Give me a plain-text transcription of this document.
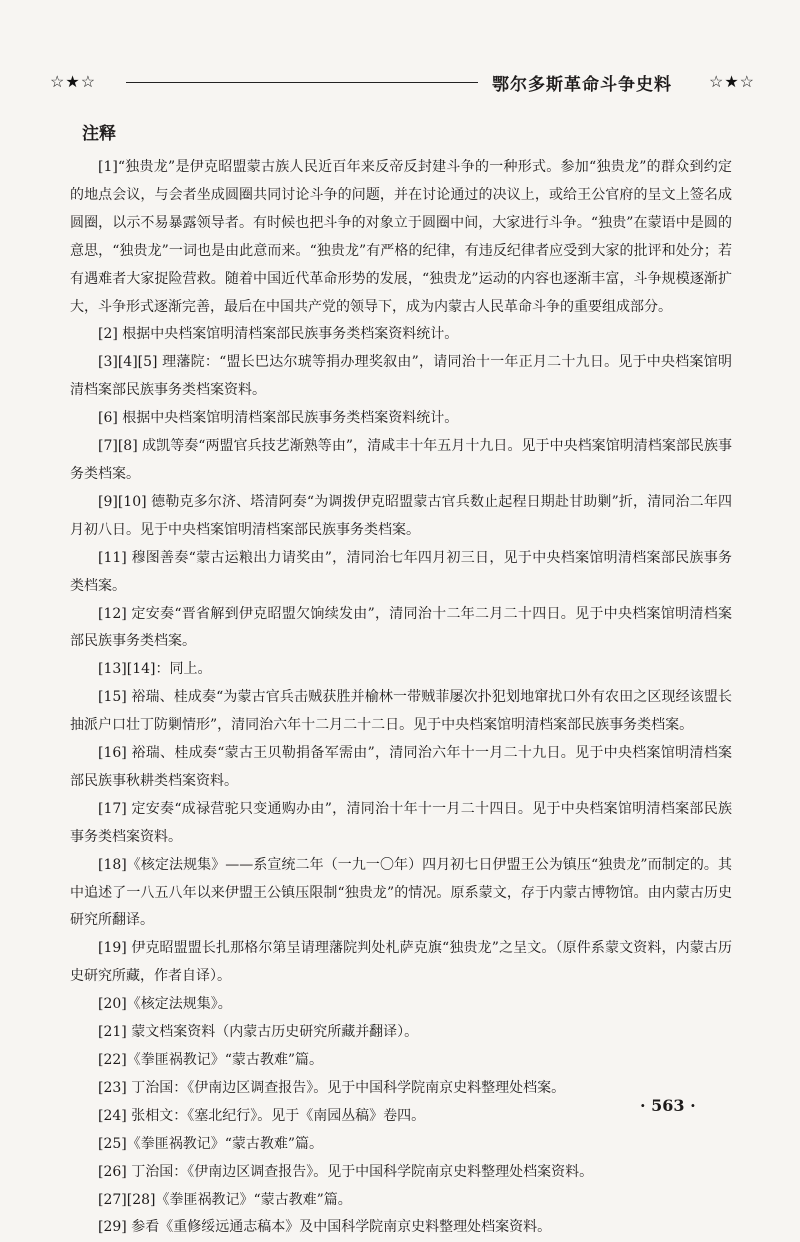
☆★☆	鄂尔多斯革命斗争史料 ☆★☆
注释

[1]“独贵龙”是伊克昭盟蒙古族人民近百年来反帝反封建斗争的一种形式。参加“独贵龙”的群众到约定的地点会议，与会者坐成圆圈共同讨论斗争的问题，并在讨论通过的决议上，或给王公官府的呈文上签名成圆圈，以示不易暴露领导者。有时候也把斗争的对象立于圆圈中间，大家进行斗争。“独贵”在蒙语中是圆的意思，“独贵龙”一词也是由此意而来。“独贵龙”有严格的纪律，有违反纪律者应受到大家的批评和处分；若有遇难者大家捉险营救。随着中国近代革命形势的发展，“独贵龙”运动的内容也逐渐丰富，斗争规模逐渐扩大，斗争形式逐渐完善，最后在中国共产党的领导下，成为内蒙古人民革命斗争的重要组成部分。

[2] 根据中央档案馆明清档案部民族事务类档案资料统计。

[3][4][5] 理藩院：“盟长巴达尔琥等捐办理奖叙由”，请同治十一年正月二十九日。见于中央档案馆明清档案部民族事务类档案资料。

[6] 根据中央档案馆明清档案部民族事务类档案资料统计。

[7][8] 成凯等奏“两盟官兵技艺渐熟等由”，清咸丰十年五月十九日。见于中央档案馆明清档案部民族事务类档案。

[9][10] 德勒克多尔济、塔清阿奏“为调拨伊克昭盟蒙古官兵数止起程日期赴甘助剿”折，清同治二年四月初八日。见于中央档案馆明清档案部民族事务类档案。

[11] 穆图善奏“蒙古运粮出力请奖由”，清同治七年四月初三日，见于中央档案馆明清档案部民族事务类档案。

[12] 定安奏“晋省解到伊克昭盟欠饷续发由”，清同治十二年二月二十四日。见于中央档案馆明清档案部民族事务类档案。

[13][14]：同上。

[15] 裕瑞、桂成奏“为蒙古官兵击贼获胜并榆林一带贼菲屡次扑犯划地窜扰口外有农田之区现经该盟长抽派户口壮丁防剿情形”，清同治六年十二月二十二日。见于中央档案馆明清档案部民族事务类档案。

[16] 裕瑞、桂成奏“蒙古王贝勒捐备军需由”，清同治六年十一月二十九日。见于中央档案馆明清档案部民族事秋耕类档案资料。

[17] 定安奏“成禄营驼只变通购办由”，清同治十年十一月二十四日。见于中央档案馆明清档案部民族事务类档案资料。

[18]《核定法规集》——系宣统二年（一九一〇年）四月初七日伊盟王公为镇压“独贵龙”而制定的。其中追述了一八五八年以来伊盟王公镇压限制“独贵龙”的情况。原系蒙文，存于内蒙古博物馆。由内蒙古历史研究所翻译。

[19] 伊克昭盟盟长扎那格尔第呈请理藩院判处札萨克旗“独贵龙”之呈文。（原件系蒙文资料，内蒙古历史研究所藏，作者自译）。

[20]《核定法规集》。

[21] 蒙文档案资料（内蒙古历史研究所藏并翻译）。

[22]《拳匪祸教记》“蒙古教难”篇。

[23] 丁治国：《伊南边区调查报告》。见于中国科学院南京史料整理处档案。

[24] 张相文：《塞北纪行》。见于《南园丛稿》卷四。

[25]《拳匪祸教记》“蒙古教难”篇。

[26] 丁治国：《伊南边区调查报告》。见于中国科学院南京史料整理处档案资料。

[27][28]《拳匪祸教记》“蒙古教难”篇。

[29] 参看《重修绥远通志稿本》及中国科学院南京史料整理处档案资料。

· 563 ·
